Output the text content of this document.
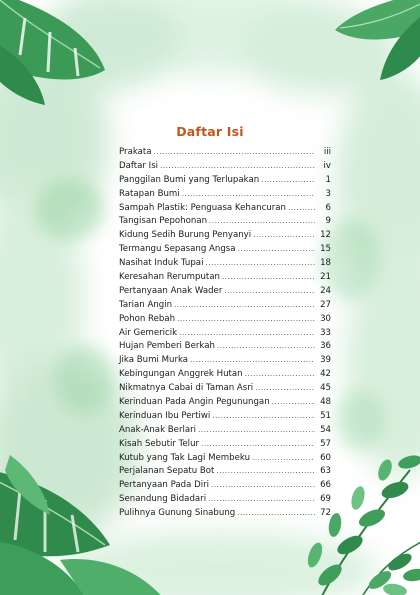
Daftar Isi
Prakata .....	iii
Daftar Isi .....	iv
Panggilan Bumi yang Terlupakan .....	1
Ratapan Bumi .....	3
Sampah Plastik: Penguasa Kehancuran .....	6
Tangisan Pepohonan .....	9
Kidung Sedih Burung Penyanyi .....	12
Termangu Sepasang Angsa .....	15
Nasihat Induk Tupai .....	18
Keresahan Rerumputan .....	21
Pertanyaan Anak Wader .....	24
Tarian Angin .....	27
Pohon Rebah .....	30
Air Gemericik .....	33
Hujan Pemberi Berkah .....	36
Jika Bumi Murka .....	39
Kebingungan Anggrek Hutan .....	42
Nikmatnya Cabai di Taman Asri .....	45
Kerinduan Pada Angin Pegunungan .....	48
Kerinduan Ibu Pertiwi .....	51
Anak-Anak Berlari .....	54
Kisah Sebutir Telur .....	57
Kutub yang Tak Lagi Membeku .....	60
Perjalanan Sepatu Bot .....	63
Pertanyaan Pada Diri .....	66
Senandung Bidadari .....	69
Pulihnya Gunung Sinabung .....	72
